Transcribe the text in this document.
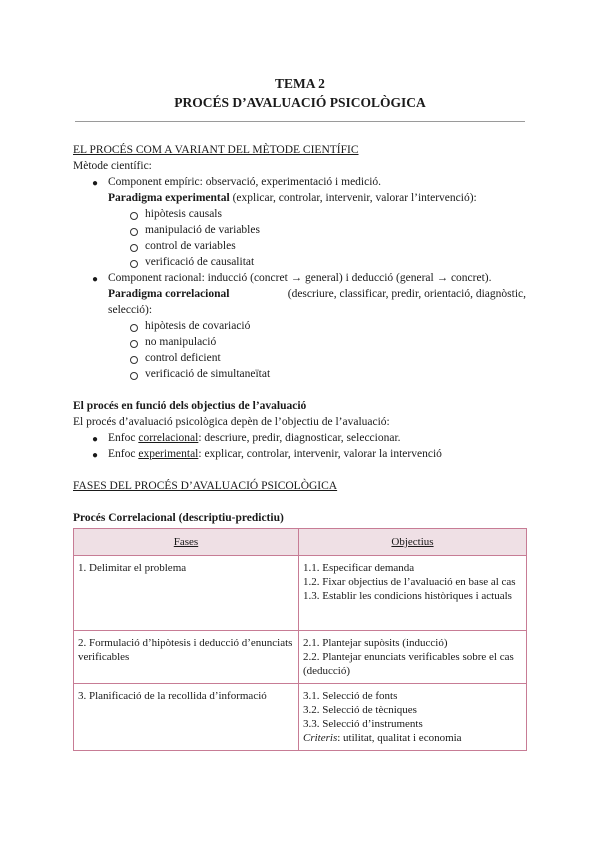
TEMA 2
PROCÉS D’AVALUACIÓ PSICOLÒGICA
EL PROCÉS COM A VARIANT DEL MÈTODE CIENTÍFIC
Mètode científic:
● Component empíric: observació, experimentació i medició.
Paradigma experimental (explicar, controlar, intervenir, valorar l’intervenció):
hipòtesis causals
manipulació de variables
control de variables
verificació de causalitat
● Component racional: inducció (concret → general) i deducció (general → concret).
Paradigma correlacional	(descriure, classificar, predir, orientació, diagnòstic,
selecció):
hipòtesis de covariació
no manipulació
control deficient
verificació de simultaneïtat
El procés en funció dels objectius de l’avaluació
El procés d’avaluació psicològica depèn de l’objectiu de l’avaluació:
● Enfoc correlacional: descriure, predir, diagnosticar, seleccionar.
● Enfoc experimental: explicar, controlar, intervenir, valorar la intervenció
FASES DEL PROCÉS D’AVALUACIÓ PSICOLÒGICA
Procés Correlacional (descriptiu-predictiu)
Fases	Objectius
1. Delimitar el problema	1.1. Especificar demanda
1.2. Fixar objectius de l’avaluació en base al cas
1.3. Establir les condicions històriques i actuals

2. Formulació d’hipòtesis i deducció d’enunciats verificables	2.1. Plantejar supòsits (inducció)
2.2. Plantejar enunciats verificables sobre el cas (deducció)

3. Planificació de la recollida d’informació	3.1. Selecció de fonts
3.2. Selecció de tècniques
3.3. Selecció d’instruments
Criteris: utilitat, qualitat i economia
